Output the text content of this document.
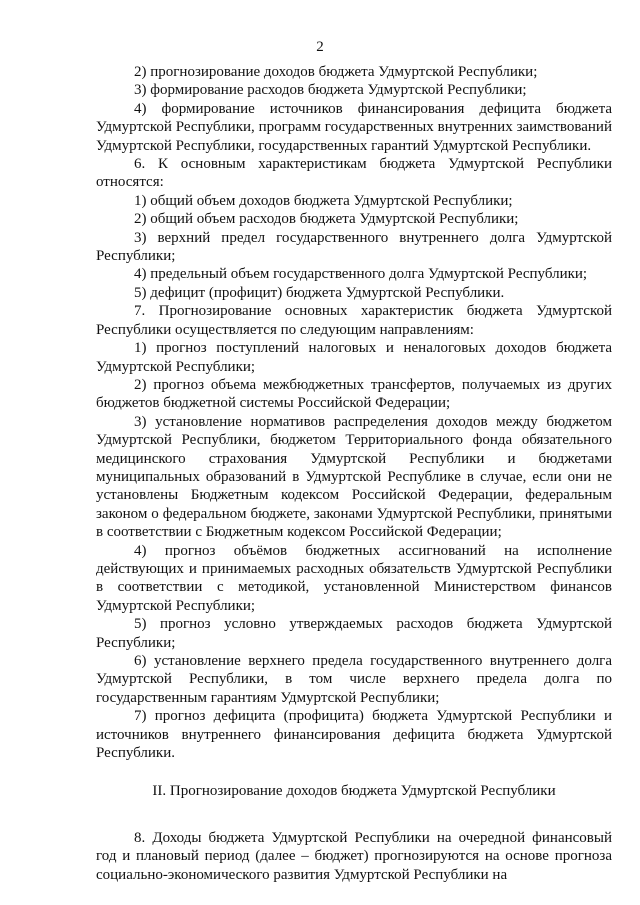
2

2) прогнозирование доходов бюджета Удмуртской Республики;

3) формирование расходов бюджета Удмуртской Республики;

4) формирование источников финансирования дефицита бюджета Удмуртской Республики, программ государственных внутренних заимствований Удмуртской Республики, государственных гарантий Удмуртской Республики.

6. К основным характеристикам бюджета Удмуртской Республики относятся:

1) общий объем доходов бюджета Удмуртской Республики;

2) общий объем расходов бюджета Удмуртской Республики;

3) верхний предел государственного внутреннего долга Удмуртской Республики;

4) предельный объем государственного долга Удмуртской Республики;

5) дефицит (профицит) бюджета Удмуртской Республики.

7. Прогнозирование основных характеристик бюджета Удмуртской Республики осуществляется по следующим направлениям:

1) прогноз поступлений налоговых и неналоговых доходов бюджета Удмуртской Республики;

2) прогноз объема межбюджетных трансфертов, получаемых из других бюджетов бюджетной системы Российской Федерации;

3) установление нормативов распределения доходов между бюджетом Удмуртской Республики, бюджетом Территориального фонда обязательного медицинского страхования Удмуртской Республики и бюджетами муниципальных образований в Удмуртской Республике в случае, если они не установлены Бюджетным кодексом Российской Федерации, федеральным законом о федеральном бюджете, законами Удмуртской Республики, принятыми в соответствии с Бюджетным кодексом Российской Федерации;

4) прогноз объёмов бюджетных ассигнований на исполнение действующих и принимаемых расходных обязательств Удмуртской Республики в соответствии с методикой, установленной Министерством финансов Удмуртской Республики;

5) прогноз условно утверждаемых расходов бюджета Удмуртской Республики;

6) установление верхнего предела государственного внутреннего долга Удмуртской Республики, в том числе верхнего предела долга по государственным гарантиям Удмуртской Республики;

7) прогноз дефицита (профицита) бюджета Удмуртской Республики и источников внутреннего финансирования дефицита бюджета Удмуртской Республики.

II. Прогнозирование доходов бюджета Удмуртской Республики

8. Доходы бюджета Удмуртской Республики на очередной финансовый год и плановый период (далее – бюджет) прогнозируются на основе прогноза социально-экономического развития Удмуртской Республики на
